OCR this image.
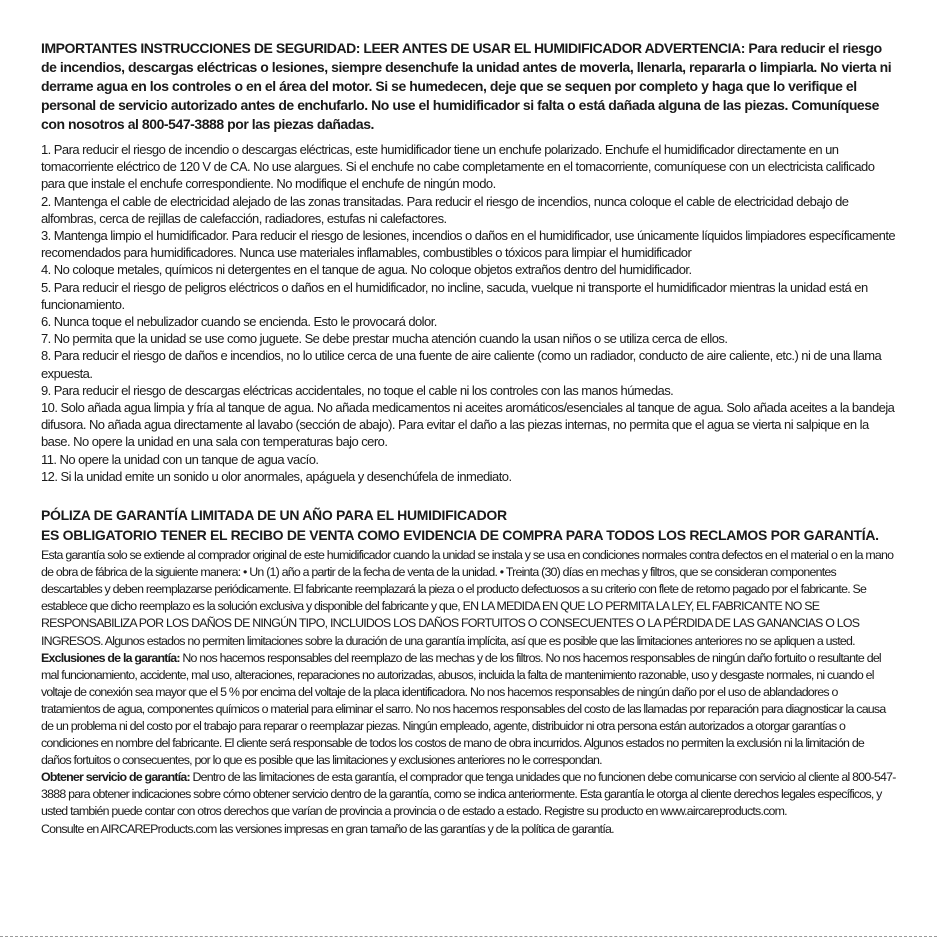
IMPORTANTES INSTRUCCIONES DE SEGURIDAD: LEER ANTES DE USAR EL HUMIDIFICADOR ADVERTENCIA: Para reducir el riesgo de incendios, descargas eléctricas o lesiones, siempre desenchufe la unidad antes de moverla, llenarla, repararla o limpiarla. No vierta ni derrame agua en los controles o en el área del motor. Si se humedecen, deje que se sequen por completo y haga que lo verifique el personal de servicio autorizado antes de enchufarlo. No use el humidificador si falta o está dañada alguna de las piezas. Comuníquese con nosotros al 800-547-3888 por las piezas dañadas.

1. Para reducir el riesgo de incendio o descargas eléctricas, este humidificador tiene un enchufe polarizado. Enchufe el humidificador directamente en un tomacorriente eléctrico de 120 V de CA. No use alargues. Si el enchufe no cabe completamente en el tomacorriente, comuníquese con un electricista calificado para que instale el enchufe correspondiente. No modifique el enchufe de ningún modo.
2. Mantenga el cable de electricidad alejado de las zonas transitadas. Para reducir el riesgo de incendios, nunca coloque el cable de electricidad debajo de alfombras, cerca de rejillas de calefacción, radiadores, estufas ni calefactores.
3. Mantenga limpio el humidificador. Para reducir el riesgo de lesiones, incendios o daños en el humidificador, use únicamente líquidos limpiadores específicamente recomendados para humidificadores. Nunca use materiales inflamables, combustibles o tóxicos para limpiar el humidificador
4. No coloque metales, químicos ni detergentes en el tanque de agua. No coloque objetos extraños dentro del humidificador.
5. Para reducir el riesgo de peligros eléctricos o daños en el humidificador, no incline, sacuda, vuelque ni transporte el humidificador mientras la unidad está en funcionamiento.
6. Nunca toque el nebulizador cuando se encienda. Esto le provocará dolor.
7. No permita que la unidad se use como juguete. Se debe prestar mucha atención cuando la usan niños o se utiliza cerca de ellos.
8. Para reducir el riesgo de daños e incendios, no lo utilice cerca de una fuente de aire caliente (como un radiador, conducto de aire caliente, etc.) ni de una llama expuesta.
9. Para reducir el riesgo de descargas eléctricas accidentales, no toque el cable ni los controles con las manos húmedas.
10. Solo añada agua limpia y fría al tanque de agua. No añada medicamentos ni aceites aromáticos/esenciales al tanque de agua. Solo añada aceites a la bandeja difusora. No añada agua directamente al lavabo (sección de abajo). Para evitar el daño a las piezas internas, no permita que el agua se vierta ni salpique en la base. No opere la unidad en una sala con temperaturas bajo cero.
11. No opere la unidad con un tanque de agua vacío.
12. Si la unidad emite un sonido u olor anormales, apáguela y desenchúfela de inmediato.

PÓLIZA DE GARANTÍA LIMITADA DE UN AÑO PARA EL HUMIDIFICADOR

ES OBLIGATORIO TENER EL RECIBO DE VENTA COMO EVIDENCIA DE COMPRA PARA TODOS LOS RECLAMOS POR GARANTÍA.

Esta garantía solo se extiende al comprador original de este humidificador cuando la unidad se instala y se usa en condiciones normales contra defectos en el material o en la mano de obra de fábrica de la siguiente manera: • Un (1) año a partir de la fecha de venta de la unidad. • Treinta (30) días en mechas y filtros, que se consideran componentes descartables y deben reemplazarse periódicamente. El fabricante reemplazará la pieza o el producto defectuosos a su criterio con flete de retorno pagado por el fabricante. Se establece que dicho reemplazo es la solución exclusiva y disponible del fabricante y que, EN LA MEDIDA EN QUE LO PERMITA LA LEY, EL FABRICANTE NO SE RESPONSABILIZA POR LOS DAÑOS DE NINGÚN TIPO, INCLUIDOS LOS DAÑOS FORTUITOS O CONSECUENTES O LA PÉRDIDA DE LAS GANANCIAS O LOS INGRESOS. Algunos estados no permiten limitaciones sobre la duración de una garantía implícita, así que es posible que las limitaciones anteriores no se apliquen a usted.

Exclusiones de la garantía: No nos hacemos responsables del reemplazo de las mechas y de los filtros. No nos hacemos responsables de ningún daño fortuito o resultante del mal funcionamiento, accidente, mal uso, alteraciones, reparaciones no autorizadas, abusos, incluida la falta de mantenimiento razonable, uso y desgaste normales, ni cuando el voltaje de conexión sea mayor que el 5 % por encima del voltaje de la placa identificadora. No nos hacemos responsables de ningún daño por el uso de ablandadores o tratamientos de agua, componentes químicos o material para eliminar el sarro. No nos hacemos responsables del costo de las llamadas por reparación para diagnosticar la causa de un problema ni del costo por el trabajo para reparar o reemplazar piezas. Ningún empleado, agente, distribuidor ni otra persona están autorizados a otorgar garantías o condiciones en nombre del fabricante. El cliente será responsable de todos los costos de mano de obra incurridos. Algunos estados no permiten la exclusión ni la limitación de daños fortuitos o consecuentes, por lo que es posible que las limitaciones y exclusiones anteriores no le correspondan.

Obtener servicio de garantía: Dentro de las limitaciones de esta garantía, el comprador que tenga unidades que no funcionen debe comunicarse con servicio al cliente al 800-547-3888 para obtener indicaciones sobre cómo obtener servicio dentro de la garantía, como se indica anteriormente. Esta garantía le otorga al cliente derechos legales específicos, y usted también puede contar con otros derechos que varían de provincia a provincia o de estado a estado. Registre su producto en www.aircareproducts.com.

Consulte en AIRCAREProducts.com las versiones impresas en gran tamaño de las garantías y de la política de garantía.
